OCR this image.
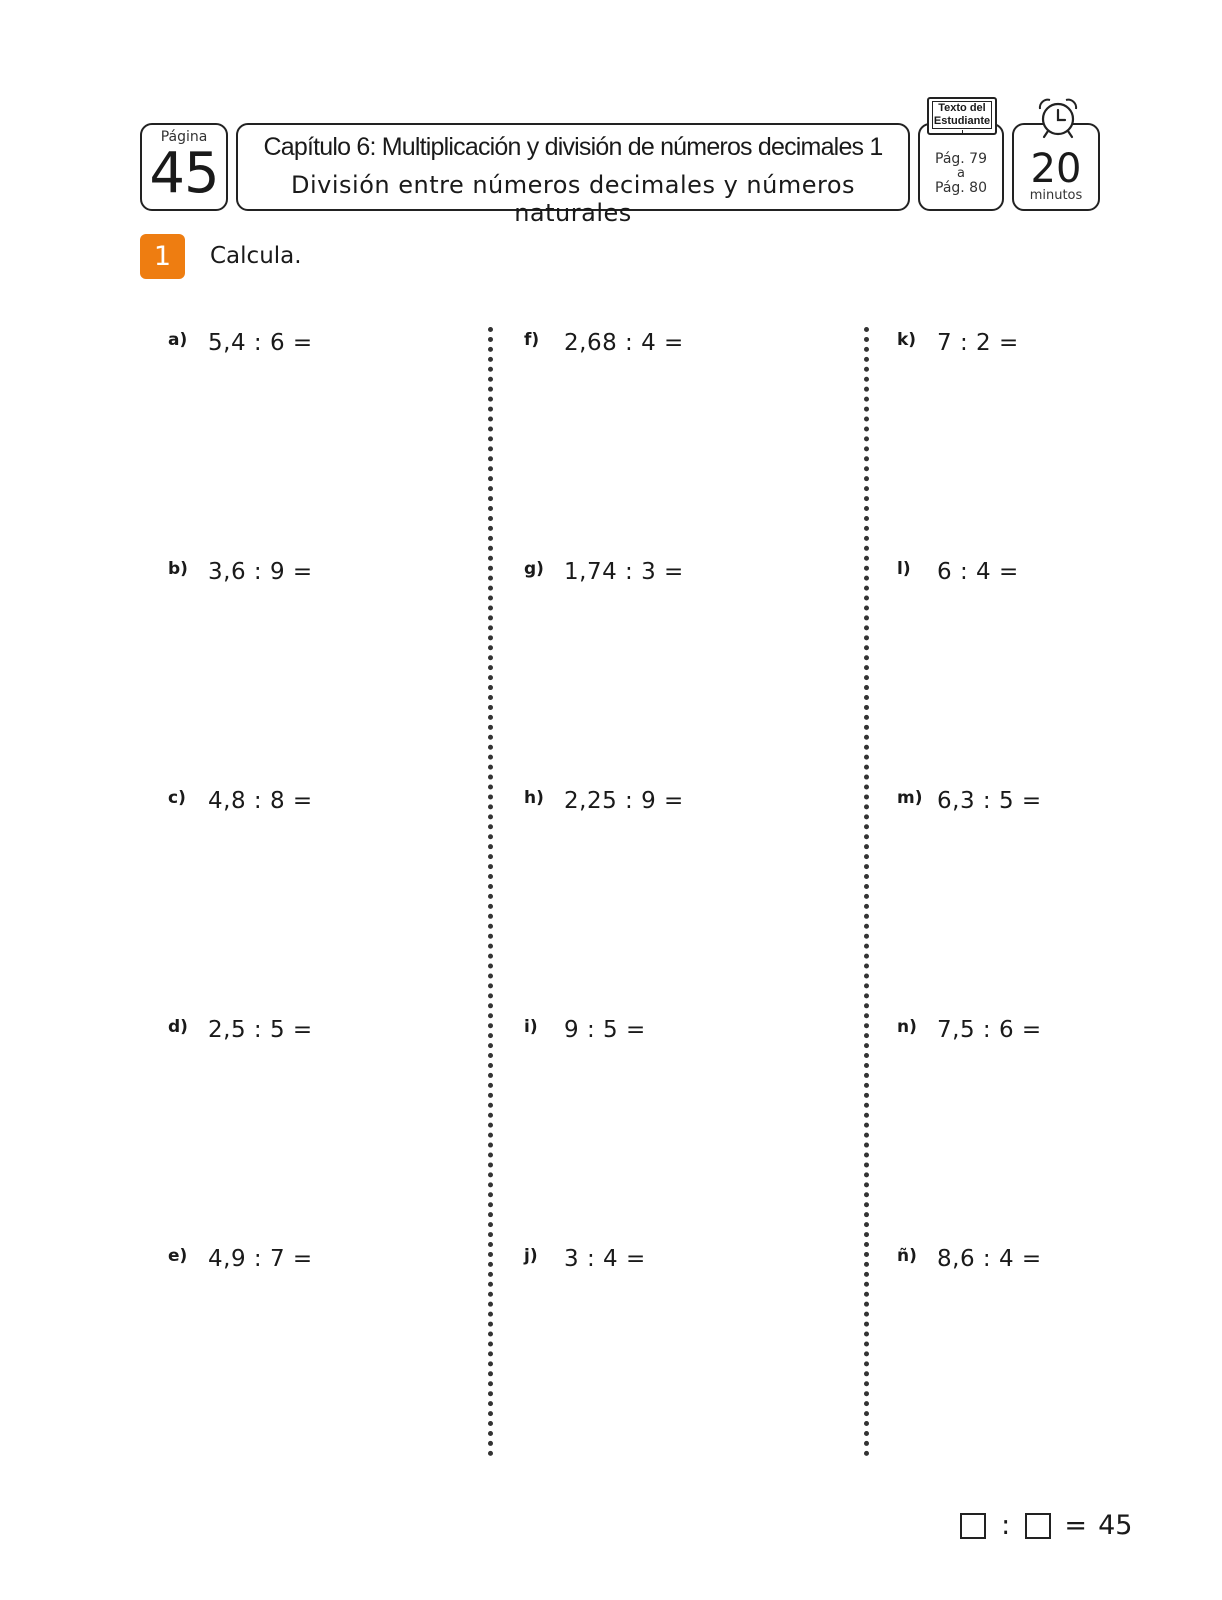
Página
45	Capítulo 6: Multiplicación y división de números decimales 1
División entre números decimales y números naturales
Texto del
Estudiante
Pág. 79
a
Pág. 80	20
minutos
1	Calcula.
a) 5,4 : 6 =
b) 3,6 : 9 =
c) 4,8 : 8 =
d) 2,5 : 5 =
e) 4,9 : 7 =
f) 2,68 : 4 =
g) 1,74 : 3 =
h) 2,25 : 9 =
i) 9 : 5 =
j) 3 : 4 =
k) 7 : 2 =
l) 6 : 4 =
m) 6,3 : 5 =
n) 7,5 : 6 =
ñ) 8,6 : 4 =
: = 45
